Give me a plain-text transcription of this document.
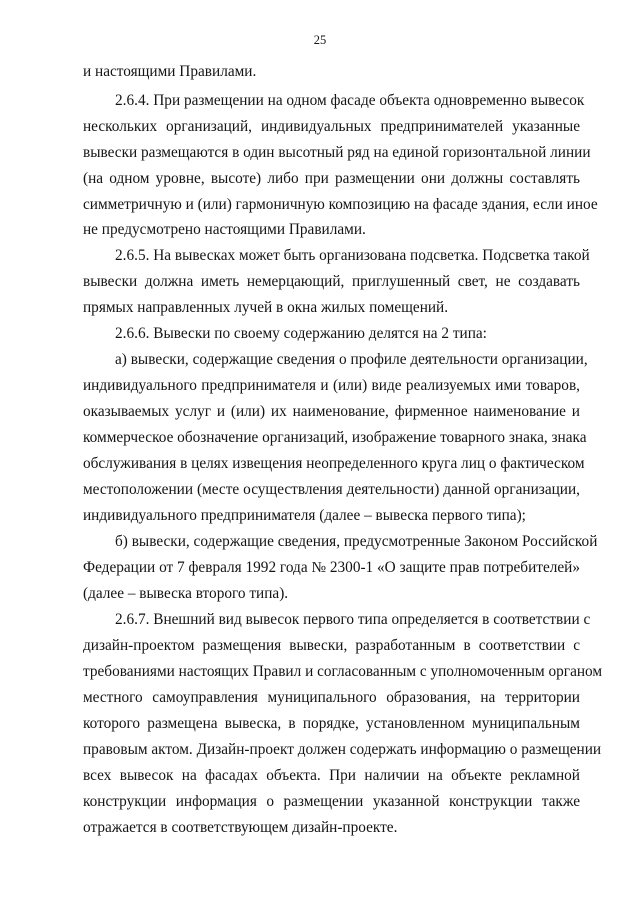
25
и настоящими Правилами.
2.6.4. При размещении на одном фасаде объекта одновременно вывесок
нескольких организаций, индивидуальных предпринимателей указанные
вывески размещаются в один высотный ряд на единой горизонтальной линии
(на одном уровне, высоте) либо при размещении они должны составлять
симметричную и (или) гармоничную композицию на фасаде здания, если иное
не предусмотрено настоящими Правилами.
2.6.5. На вывесках может быть организована подсветка. Подсветка такой
вывески должна иметь немерцающий, приглушенный свет, не создавать
прямых направленных лучей в окна жилых помещений.
2.6.6. Вывески по своему содержанию делятся на 2 типа:
а) вывески, содержащие сведения о профиле деятельности организации,
индивидуального предпринимателя и (или) виде реализуемых ими товаров,
оказываемых услуг и (или) их наименование, фирменное наименование и
коммерческое обозначение организаций, изображение товарного знака, знака
обслуживания в целях извещения неопределенного круга лиц о фактическом
местоположении (месте осуществления деятельности) данной организации,
индивидуального предпринимателя (далее – вывеска первого типа);
б) вывески, содержащие сведения, предусмотренные Законом Российской
Федерации от 7 февраля 1992 года № 2300-1 «О защите прав потребителей»
(далее – вывеска второго типа).
2.6.7. Внешний вид вывесок первого типа определяется в соответствии с
дизайн-проектом размещения вывески, разработанным в соответствии с
требованиями настоящих Правил и согласованным с уполномоченным органом
местного самоуправления муниципального образования, на территории
которого размещена вывеска, в порядке, установленном муниципальным
правовым актом. Дизайн-проект должен содержать информацию о размещении
всех вывесок на фасадах объекта. При наличии на объекте рекламной
конструкции информация о размещении указанной конструкции также
отражается в соответствующем дизайн-проекте.
